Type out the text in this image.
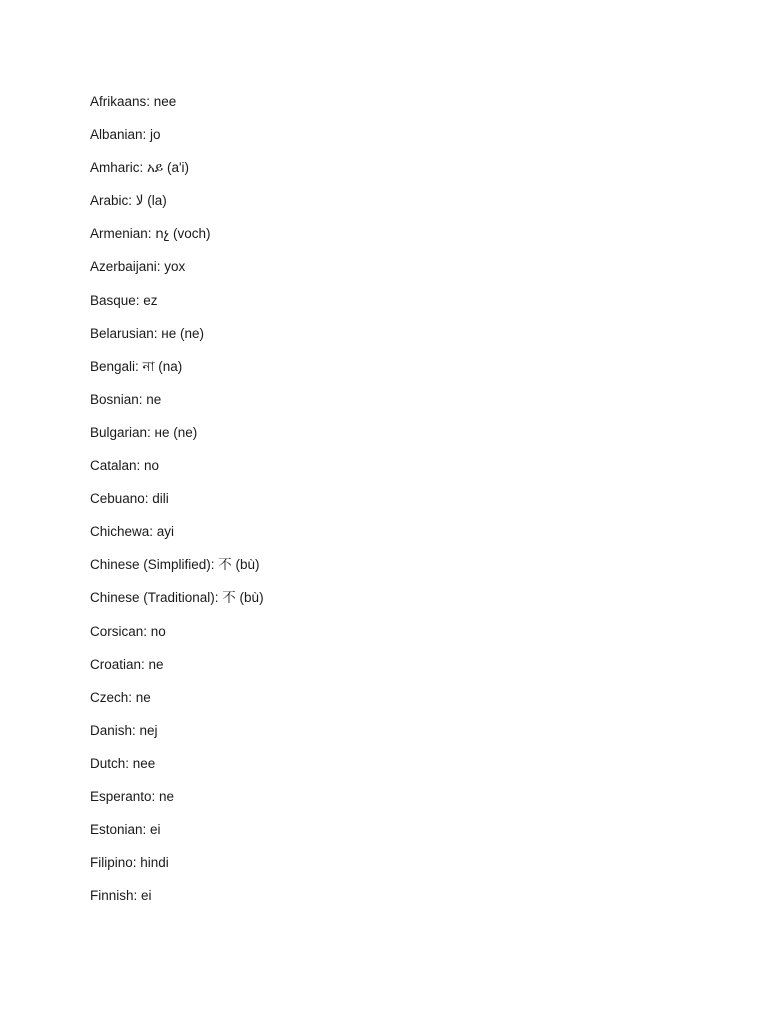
Afrikaans: nee
Albanian: jo
Amharic: አይ (a'i)
Arabic: لا (la)
Armenian: ոչ (voch)
Azerbaijani: yox
Basque: ez
Belarusian: не (ne)
Bengali: না (na)
Bosnian: ne
Bulgarian: не (ne)
Catalan: no
Cebuano: dili
Chichewa: ayi
Chinese (Simplified): 不 (bù)
Chinese (Traditional): 不 (bù)
Corsican: no
Croatian: ne
Czech: ne
Danish: nej
Dutch: nee
Esperanto: ne
Estonian: ei
Filipino: hindi
Finnish: ei
